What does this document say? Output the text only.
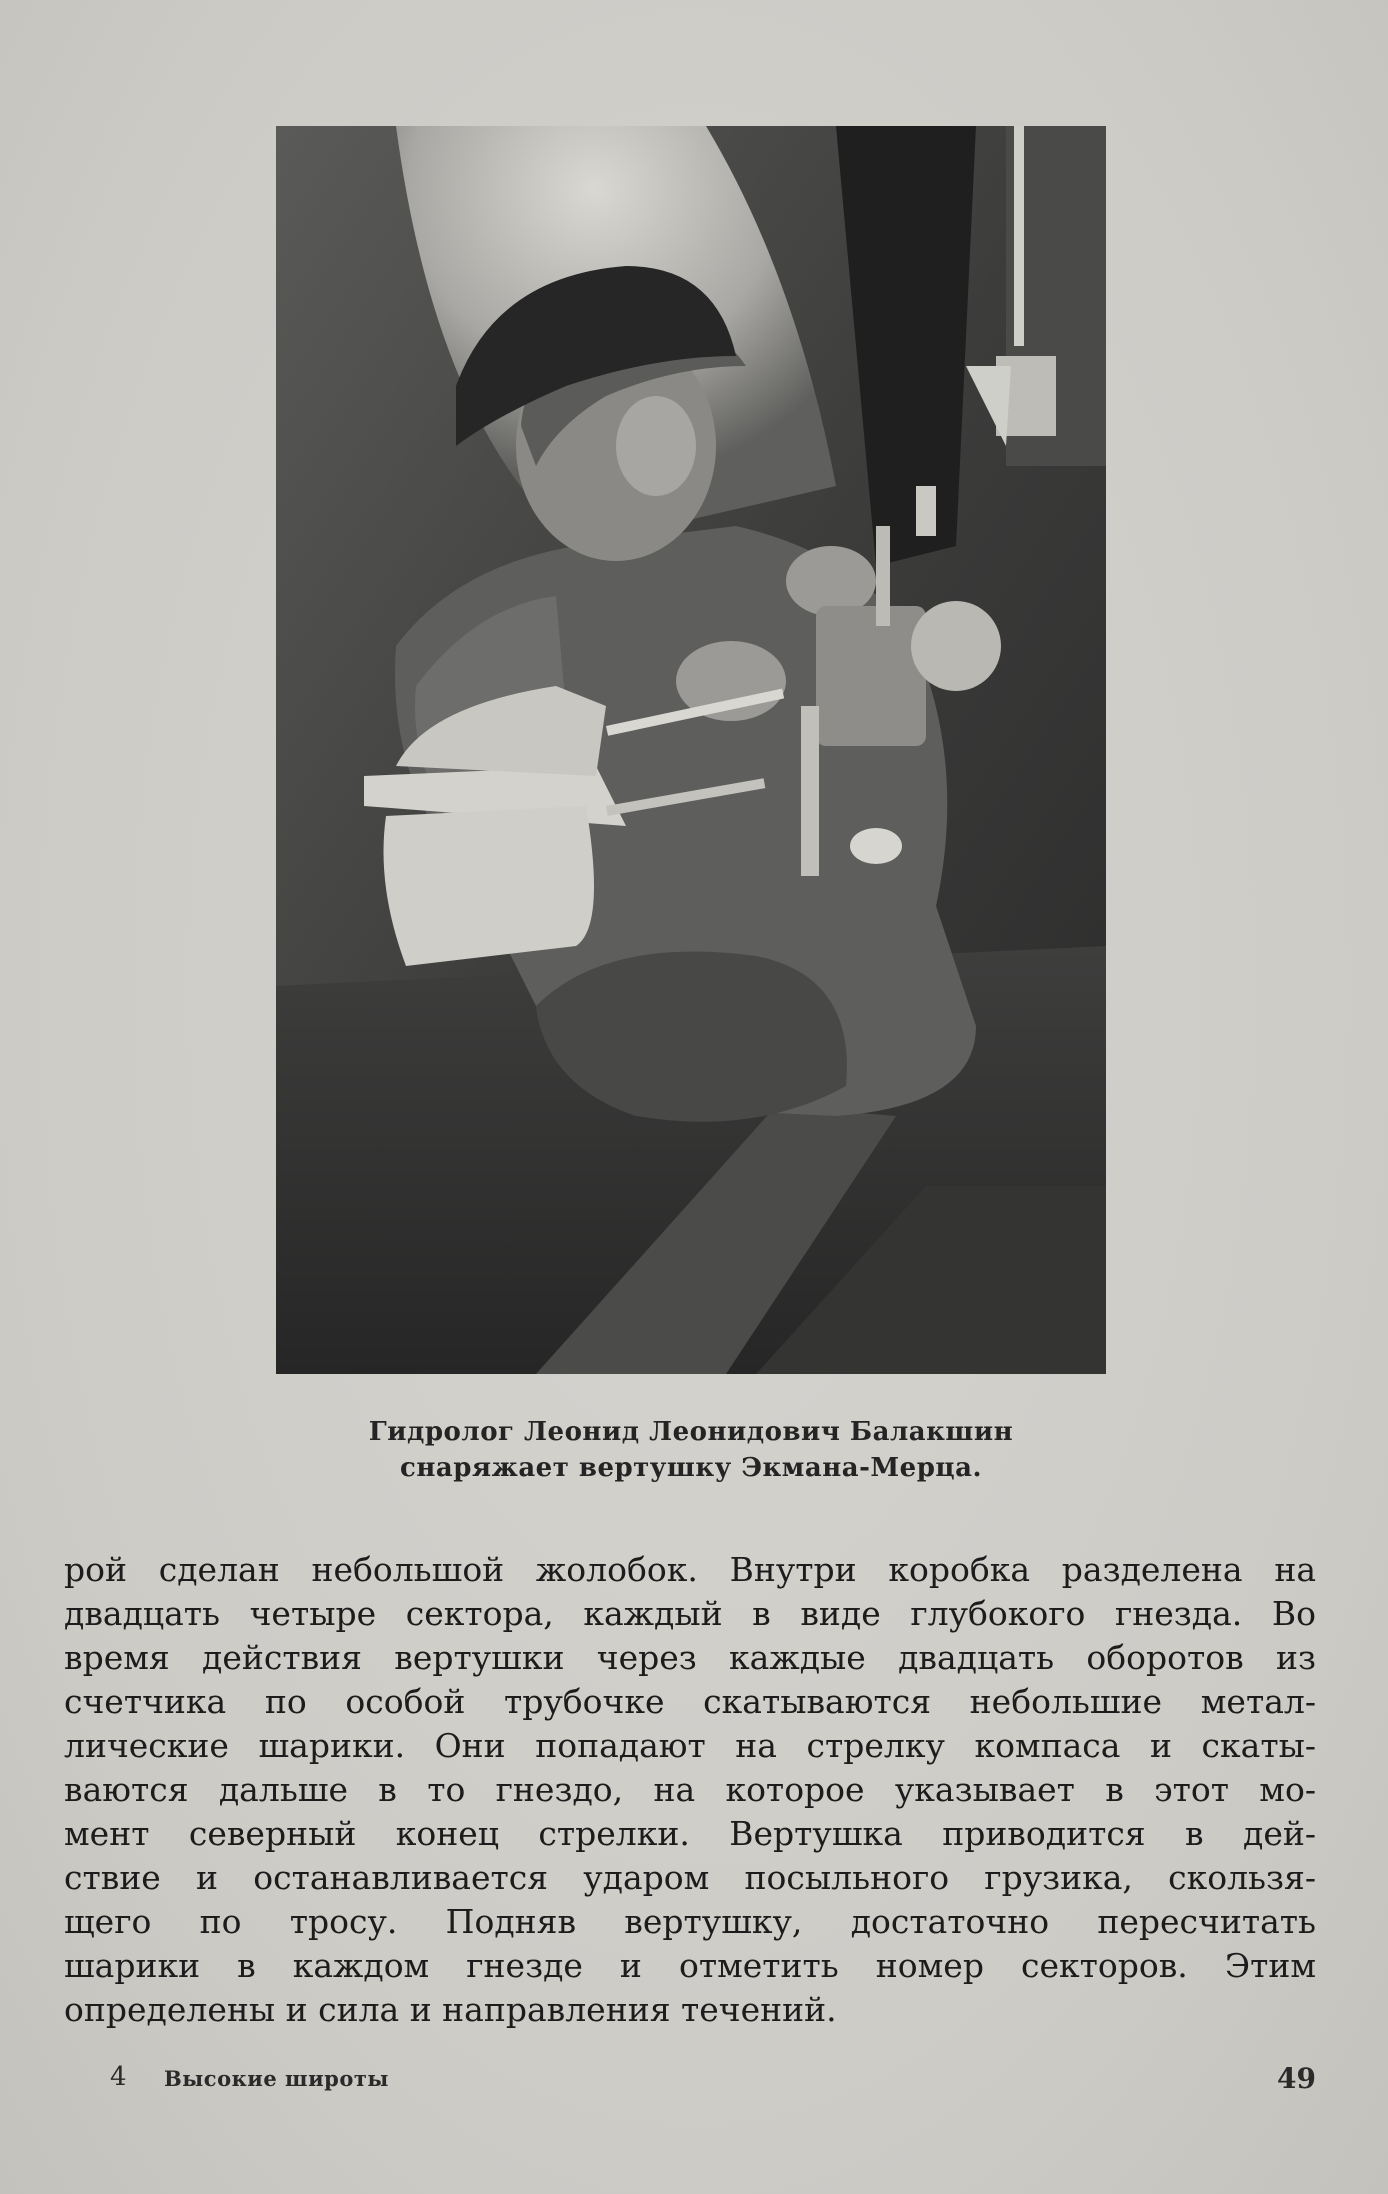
Гидролог Леонид Леонидович Балакшин
снаряжает вертушку Экмана-Мерца.
рой сделан небольшой жолобок. Внутри коробка разделена на
двадцать четыре сектора, каждый в виде глубокого гнезда. Во
время действия вертушки через каждые двадцать оборотов из
счетчика по особой трубочке скатываются небольшие метал-
лические шарики. Они попадают на стрелку компаса и скаты-
ваются дальше в то гнездо, на которое указывает в этот мо-
мент северный конец стрелки. Вертушка приводится в дей-
ствие и останавливается ударом посыльного грузика, скользя-
щего по тросу. Подняв вертушку, достаточно пересчитать
шарики в каждом гнезде и отметить номер секторов. Этим
определены и сила и направления течений.
4 Высокие широты	49
